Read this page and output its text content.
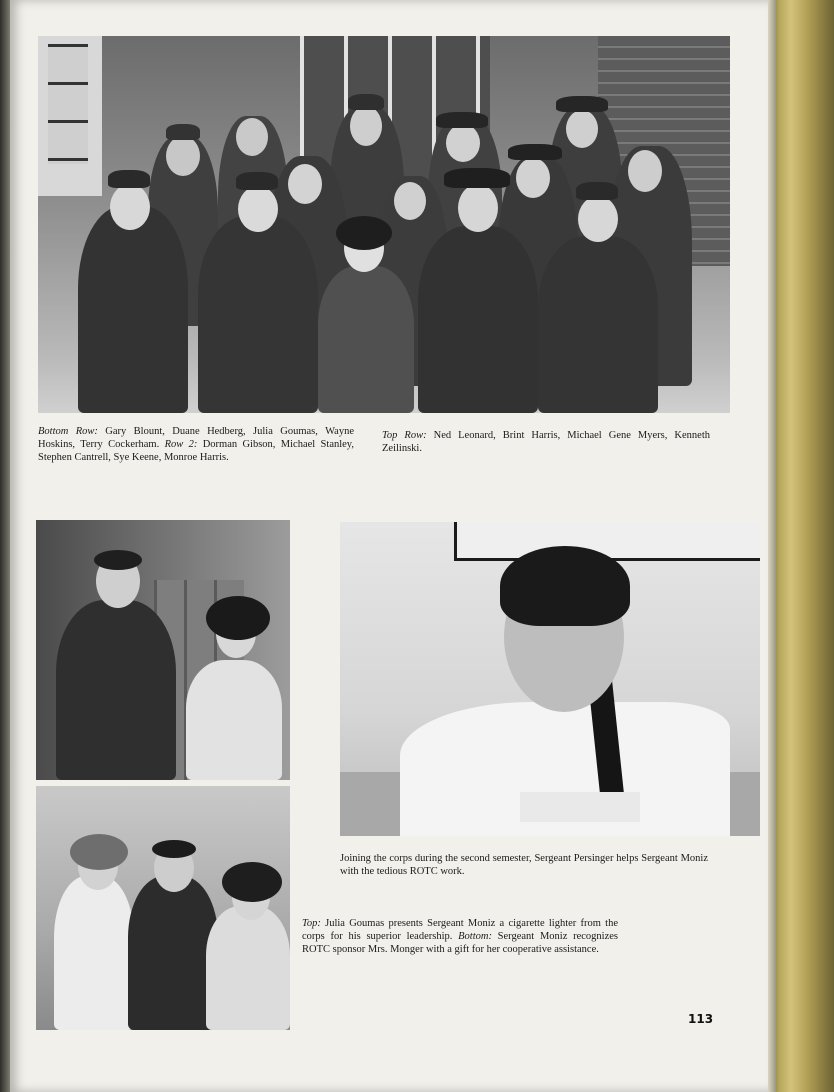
Bottom Row: Gary Blount, Duane Hedberg, Julia Goumas, Wayne Hoskins, Terry Cockerham. Row 2: Dorman Gibson, Michael Stanley, Stephen Cantrell, Sye Keene, Monroe Harris.
Top Row: Ned Leonard, Brint Harris, Michael Gene Myers, Kenneth Zeilinski.
Joining the corps during the second semester, Sergeant Persinger helps Sergeant Moniz with the tedious ROTC work.
Top: Julia Goumas presents Sergeant Moniz a cigarette lighter from the corps for his superior leadership. Bottom: Sergeant Moniz recognizes ROTC sponsor Mrs. Monger with a gift for her cooperative assistance.
113
